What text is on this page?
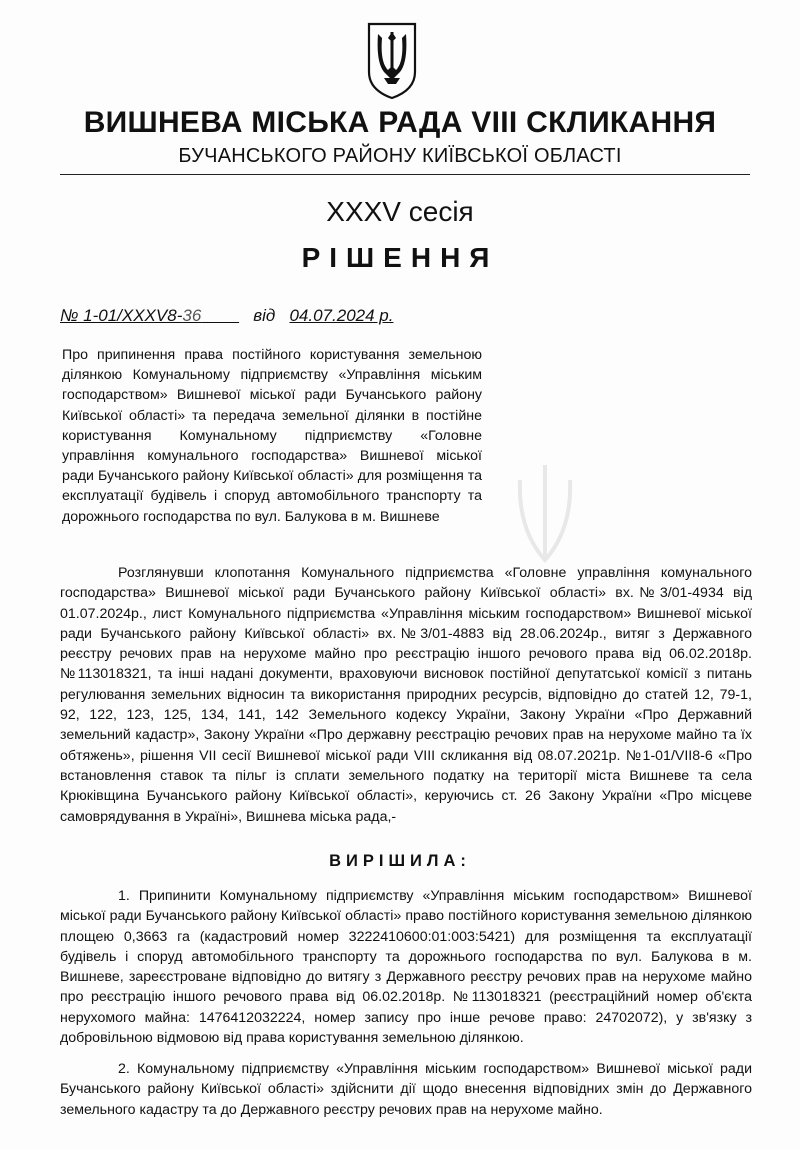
ВИШНЕВА МІСЬКА РАДА VIII СКЛИКАННЯ
БУЧАНСЬКОГО РАЙОНУ КИЇВСЬКОЇ ОБЛАСТІ
XXXV сесія
РІШЕННЯ
№ 1-01/XXXV8-36	від 04.07.2024 р.
Про припинення права постійного користування земельною ділянкою Комунальному підприємству «Управління міським господарством» Вишневої міської ради Бучанського району Київської області» та передача земельної ділянки в постійне користування Комунальному підприємству «Головне управління комунального господарства» Вишневої міської ради Бучанського району Київської області» для розміщення та експлуатації будівель і споруд автомобільного транспорту та дорожнього господарства по вул. Балукова в м. Вишневе
Розглянувши клопотання Комунального підприємства «Головне управління комунального господарства» Вишневої міської ради Бучанського району Київської області» вх.№3/01-4934 від 01.07.2024р., лист Комунального підприємства «Управління міським господарством» Вишневої міської ради Бучанського району Київської області» вх.№3/01-4883 від 28.06.2024р., витяг з Державного реєстру речових прав на нерухоме майно про реєстрацію іншого речового права від 06.02.2018р. №113018321, та інші надані документи, враховуючи висновок постійної депутатської комісії з питань регулювання земельних відносин та використання природних ресурсів, відповідно до статей 12, 79-1, 92, 122, 123, 125, 134, 141, 142 Земельного кодексу України, Закону України «Про Державний земельний кадастр», Закону України «Про державну реєстрацію речових прав на нерухоме майно та їх обтяжень», рішення VII сесії Вишневої міської ради VIII скликання від 08.07.2021р. №1-01/VII8-6 «Про встановлення ставок та пільг із сплати земельного податку на території міста Вишневе та села Крюківщина Бучанського району Київської області», керуючись ст. 26 Закону України «Про місцеве самоврядування в Україні», Вишнева міська рада,-
ВИРІШИЛА:
1. Припинити Комунальному підприємству «Управління міським господарством» Вишневої міської ради Бучанського району Київської області» право постійного користування земельною ділянкою площею 0,3663 га (кадастровий номер 3222410600:01:003:5421) для розміщення та експлуатації будівель і споруд автомобільного транспорту та дорожнього господарства по вул. Балукова в м. Вишневе, зареєстроване відповідно до витягу з Державного реєстру речових прав на нерухоме майно про реєстрацію іншого речового права від 06.02.2018р. №113018321 (реєстраційний номер об'єкта нерухомого майна: 1476412032224, номер запису про інше речове право: 24702072), у зв'язку з добровільною відмовою від права користування земельною ділянкою.
2. Комунальному підприємству «Управління міським господарством» Вишневої міської ради Бучанського району Київської області» здійснити дії щодо внесення відповідних змін до Державного земельного кадастру та до Державного реєстру речових прав на нерухоме майно.
